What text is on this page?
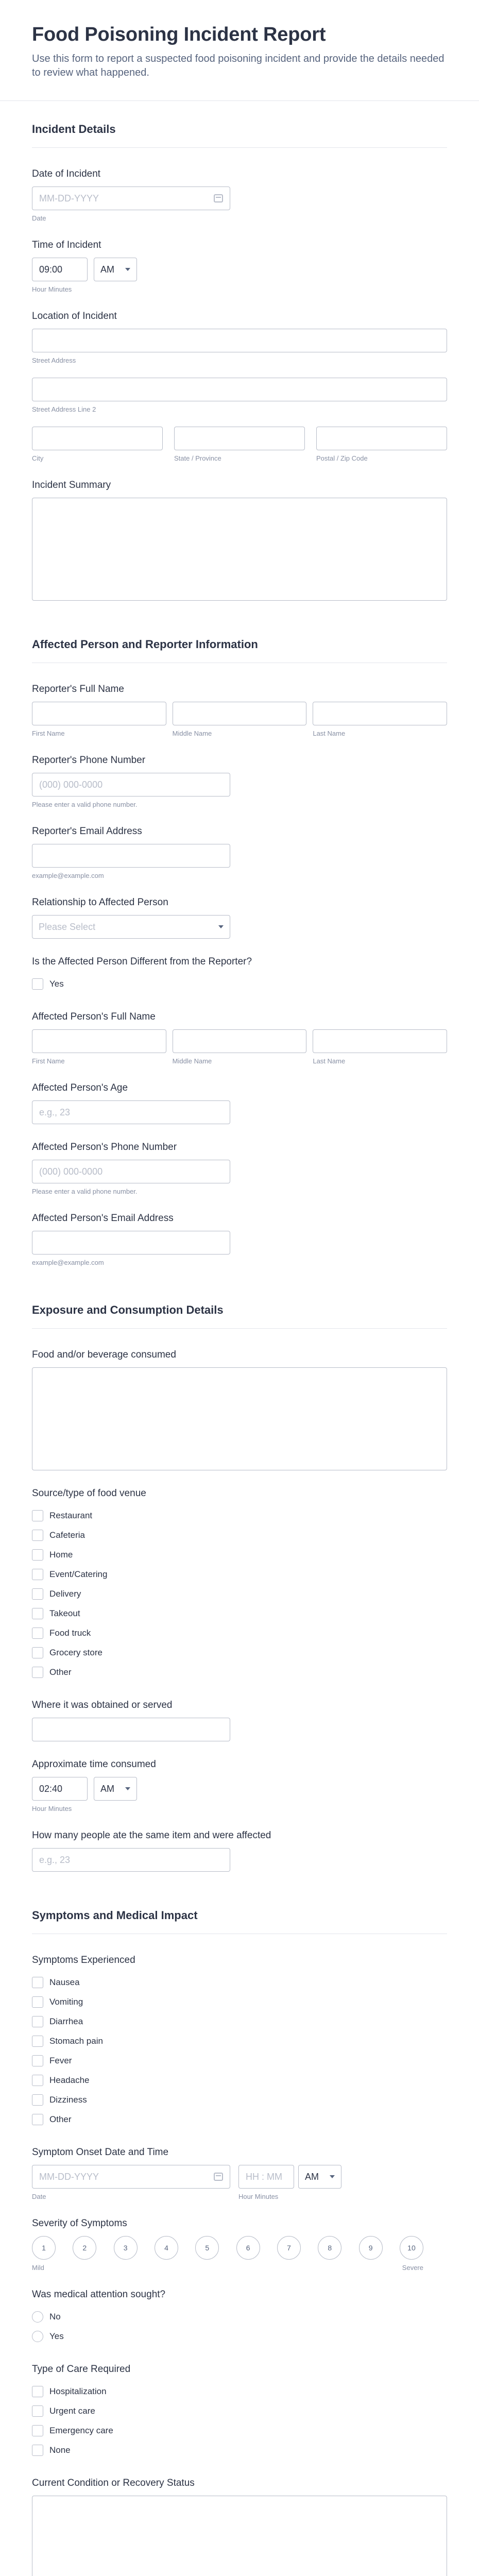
Food Poisoning Incident Report

Use this form to report a suspected food poisoning incident and provide the details needed to review what happened.

Incident Details
Date of Incident
MM-DD-YYYY
Date
Time of Incident
09:00	AM
Hour Minutes
Location of Incident
Street Address
Street Address Line 2
City	State / Province	Postal / Zip Code
Incident Summary
Affected Person and Reporter Information
Reporter's Full Name
First Name	Middle Name	Last Name
Reporter's Phone Number
(000) 000-0000
Please enter a valid phone number.
Reporter's Email Address
example@example.com
Relationship to Affected Person
Please Select
Is the Affected Person Different from the Reporter?
Yes
Affected Person's Full Name
First Name	Middle Name	Last Name
Affected Person's Age
e.g., 23
Affected Person's Phone Number
(000) 000-0000
Please enter a valid phone number.
Affected Person's Email Address
example@example.com
Exposure and Consumption Details
Food and/or beverage consumed
Source/type of food venue
Restaurant
Cafeteria
Home
Event/Catering
Delivery
Takeout
Food truck
Grocery store
Other
Where it was obtained or served
Approximate time consumed
02:40	AM
Hour Minutes
How many people ate the same item and were affected
e.g., 23
Symptoms and Medical Impact
Symptoms Experienced
Nausea
Vomiting
Diarrhea
Stomach pain
Fever
Headache
Dizziness
Other
Symptom Onset Date and Time
MM-DD-YYYY
Date
HH : MM AM
Hour Minutes
Severity of Symptoms
1	2	3	4	5	6	7	8	9	10
Mild	Severe
Was medical attention sought?
No
Yes
Type of Care Required
Hospitalization
Urgent care
Emergency care
None
Current Condition or Recovery Status
